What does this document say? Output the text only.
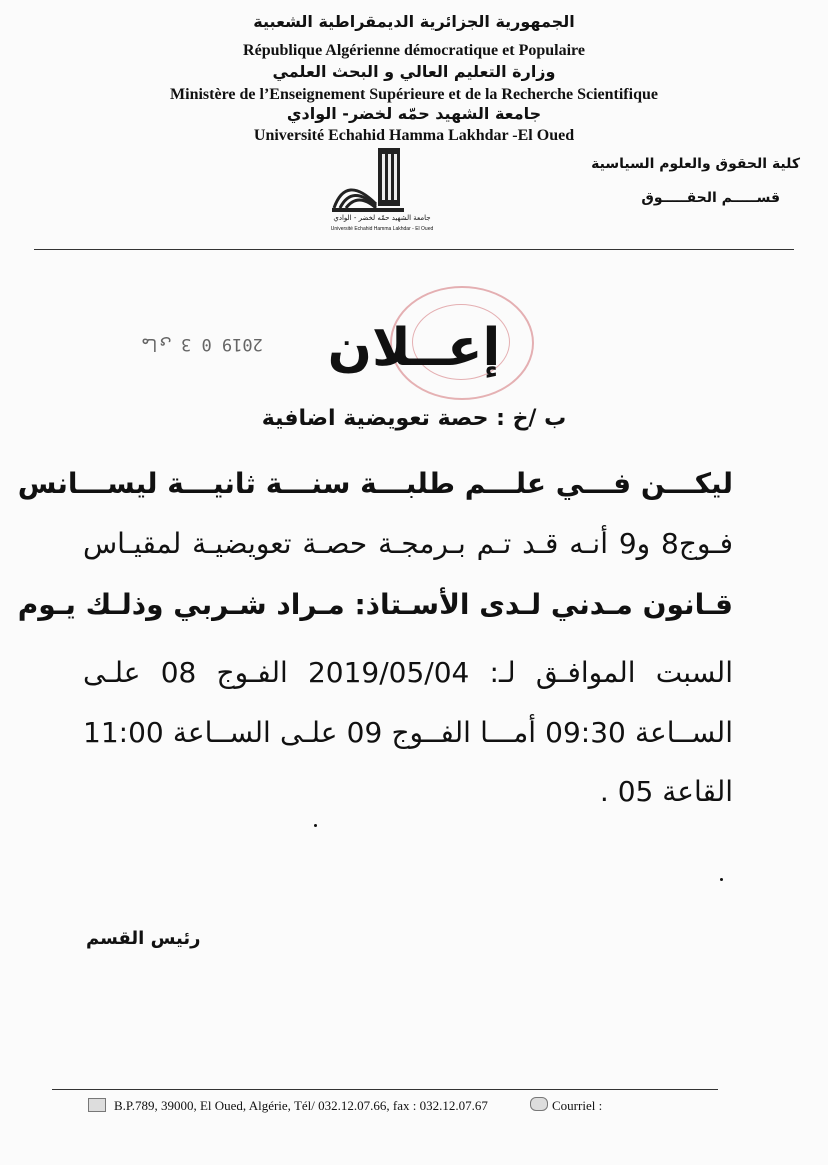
الجمهورية الجزائرية الديمقراطية الشعبية
République Algérienne démocratique et Populaire
وزارة التعليم العالي و البحث العلمي
Ministère de l’Enseignement Supérieure et de la Recherche Scientifique
جامعة الشهيد حمّه لخضر- الوادي
Université Echahid Hamma Lakhdar -El Oued
كلية الحقوق والعلوم السياسية
قســـــم الحقـــــوق
جامعة الشهيد حمّه لخضر - الوادي
Université Echahid Hamma Lakhdar - El Oued
2019 مای 3 0	إعــلان
ب /خ : حصة تعويضية اضافية
ليكـــن فـــي علـــم طلبـــة سنـــة ثانيـــة ليســـانس
فـوج8 و9 أنـه قـد تـم بـرمجـة حصـة تعويضيـة لمقيـاس
قـانون مـدني لـدى الأسـتاذ: مـراد شـربي وذلـك يـوم
السبت الموافـق لـ: 2019/05/04 الفـوج 08 علـى
الســاعة 09:30 أمـــا الفــوج 09 علـى الســاعة 11:00
القاعة 05 .
رئيس القسم
B.P.789, 39000, El Oued, Algérie, Tél/ 032.12.07.66, fax : 032.12.07.67	Courriel :
